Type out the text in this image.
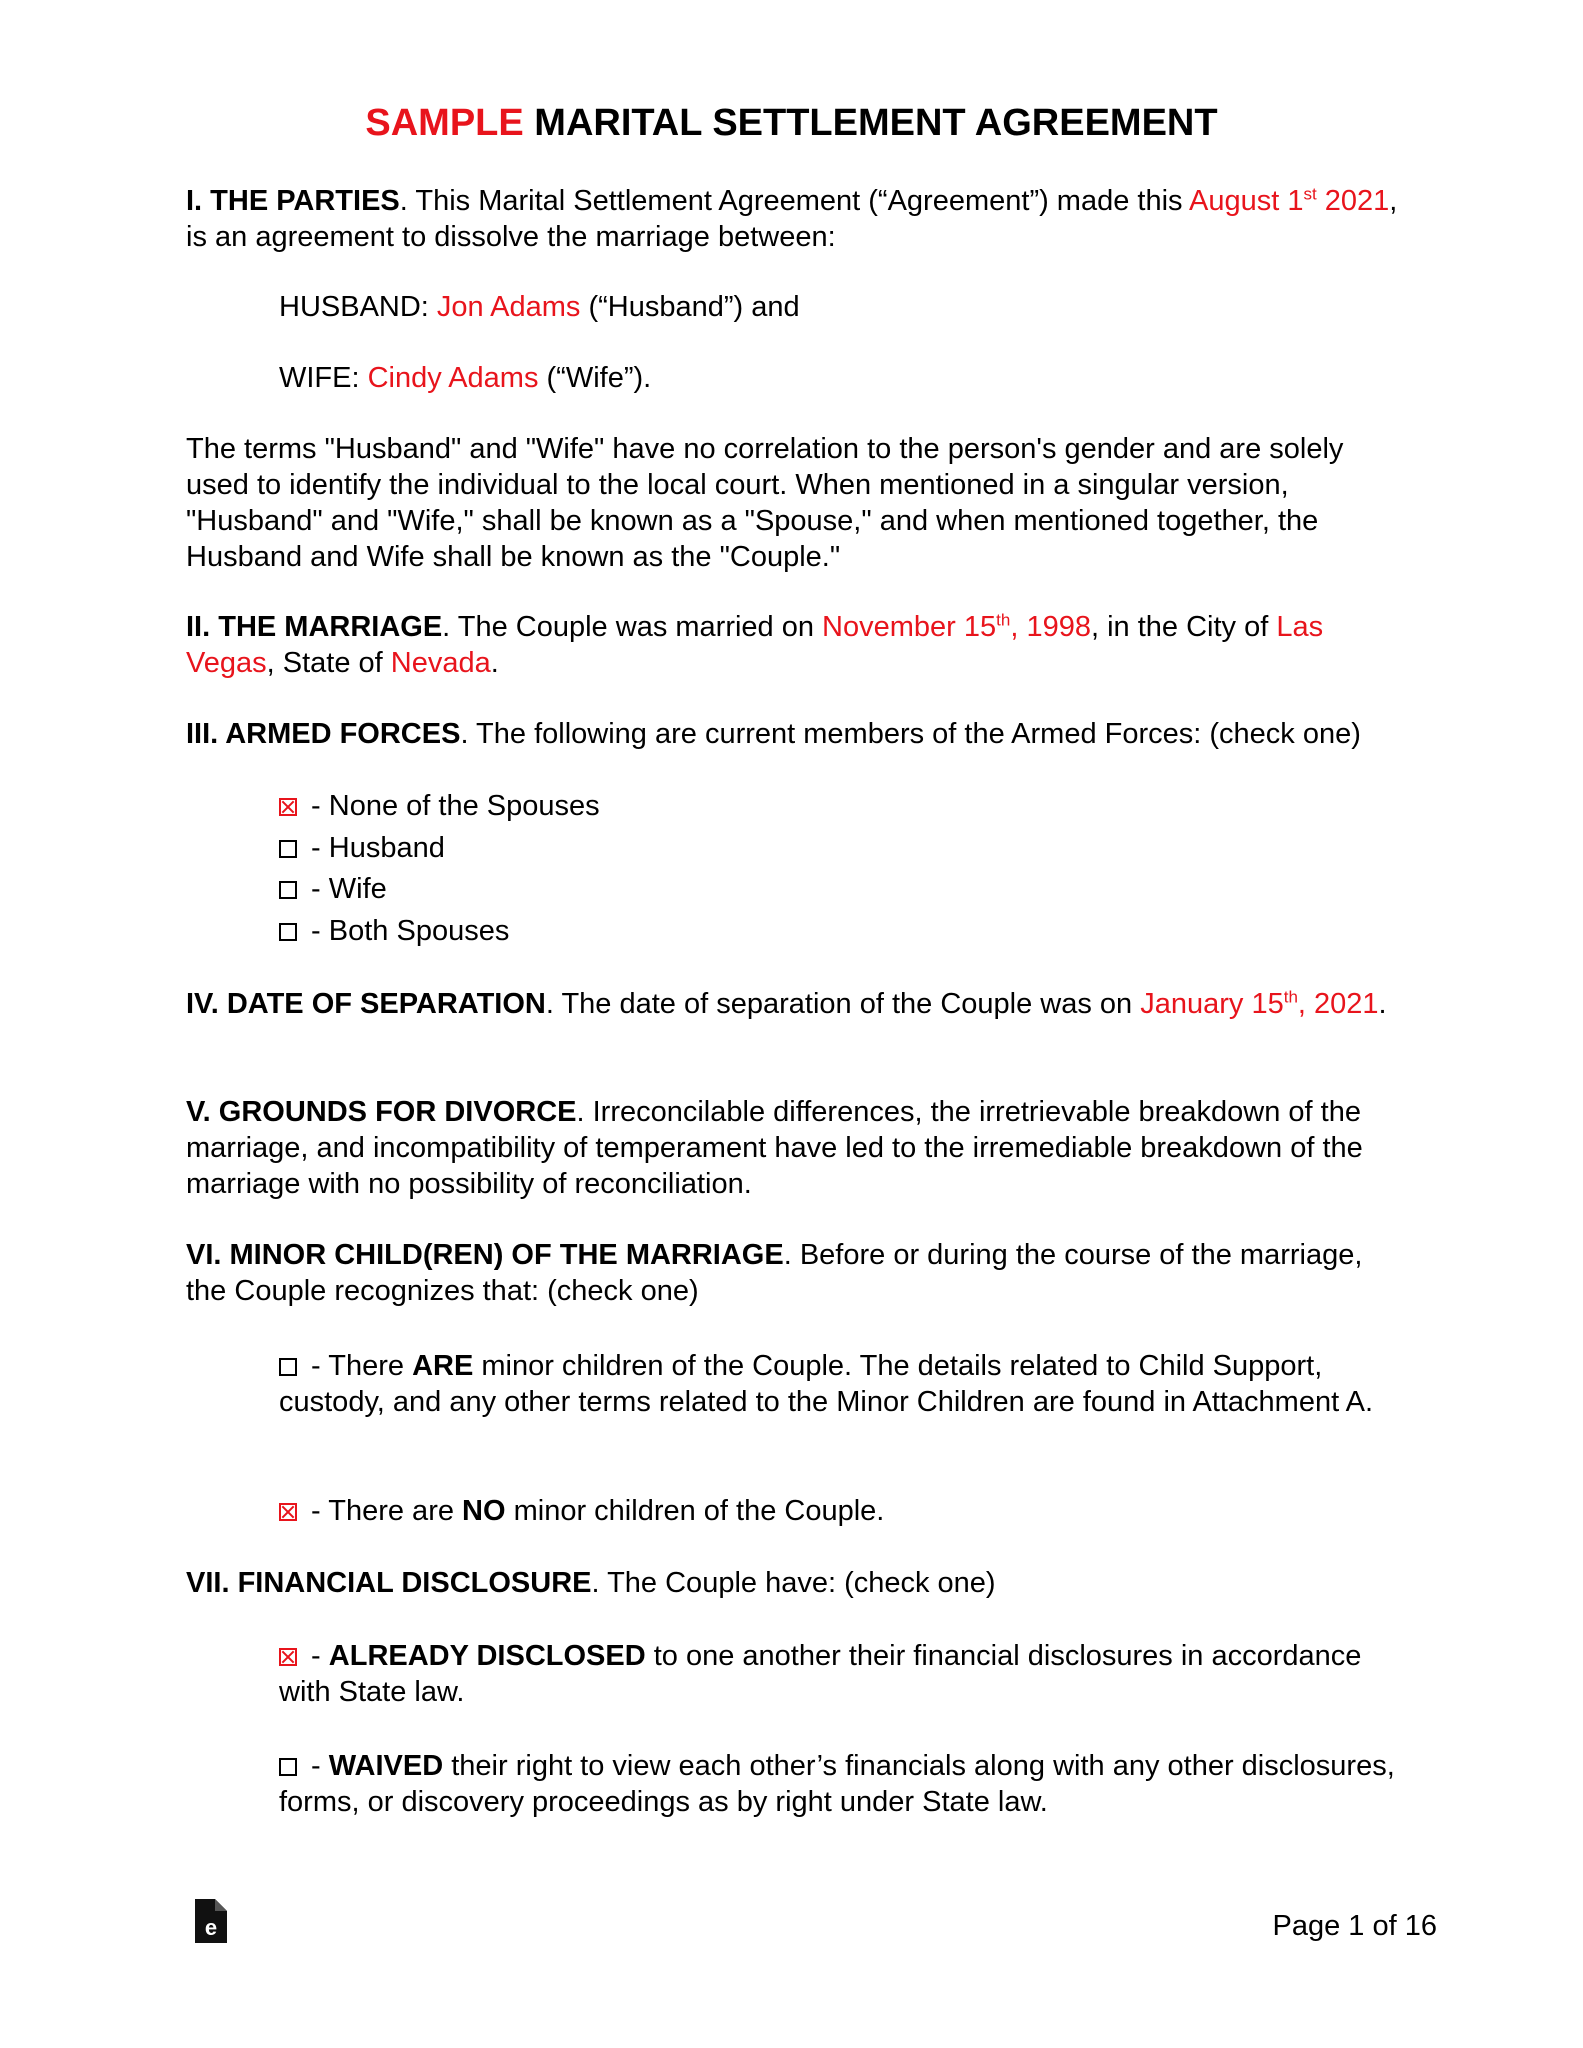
SAMPLE MARITAL SETTLEMENT AGREEMENT

I. THE PARTIES. This Marital Settlement Agreement (“Agreement”) made this August 1st 2021, is an agreement to dissolve the marriage between:

HUSBAND: Jon Adams (“Husband”) and

WIFE: Cindy Adams (“Wife”).

The terms "Husband" and "Wife" have no correlation to the person's gender and are solely used to identify the individual to the local court. When mentioned in a singular version, "Husband" and "Wife," shall be known as a "Spouse," and when mentioned together, the Husband and Wife shall be known as the "Couple."

II. THE MARRIAGE. The Couple was married on November 15th, 1998, in the City of Las Vegas, State of Nevada.

III. ARMED FORCES. The following are current members of the Armed Forces: (check one)

- None of the Spouses

- Husband

- Wife

- Both Spouses

IV. DATE OF SEPARATION. The date of separation of the Couple was on January 15th, 2021.

V. GROUNDS FOR DIVORCE. Irreconcilable differences, the irretrievable breakdown of the marriage, and incompatibility of temperament have led to the irremediable breakdown of the marriage with no possibility of reconciliation.

VI. MINOR CHILD(REN) OF THE MARRIAGE. Before or during the course of the marriage, the Couple recognizes that: (check one)

- There ARE minor children of the Couple. The details related to Child Support, custody, and any other terms related to the Minor Children are found in Attachment A.

- There are NO minor children of the Couple.

VII. FINANCIAL DISCLOSURE. The Couple have: (check one)

- ALREADY DISCLOSED to one another their financial disclosures in accordance with State law.

- WAIVED their right to view each other’s financials along with any other disclosures, forms, or discovery proceedings as by right under State law.

e	Page 1 of 16
